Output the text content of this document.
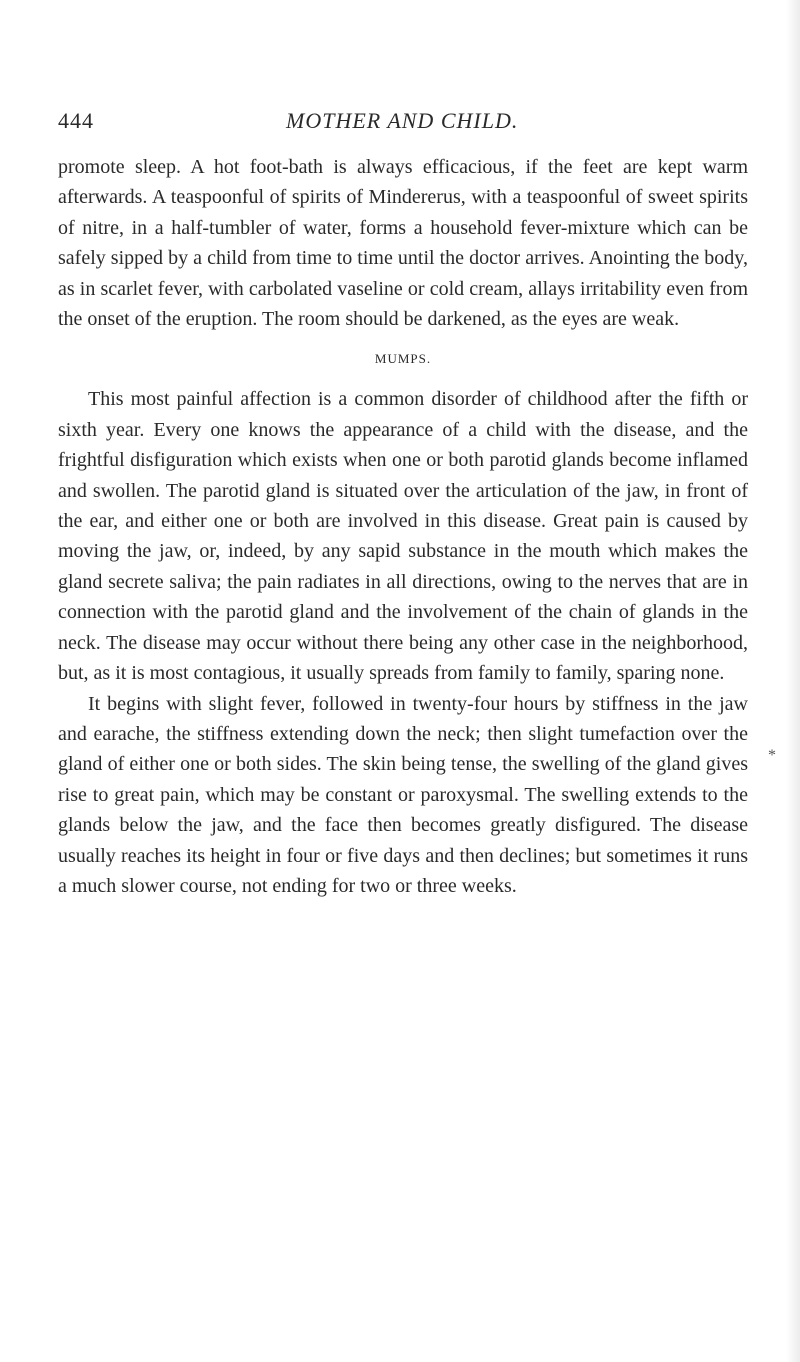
444	MOTHER AND CHILD.

promote sleep. A hot foot-bath is always efficacious, if the feet are kept warm afterwards. A teaspoonful of spirits of Mindererus, with a teaspoonful of sweet spirits of nitre, in a half-tumbler of water, forms a household fever-mixture which can be safely sipped by a child from time to time until the doctor arrives. Anointing the body, as in scarlet fever, with carbolated vaseline or cold cream, allays irritability even from the onset of the eruption. The room should be darkened, as the eyes are weak.

MUMPS.

This most painful affection is a common disorder of childhood after the fifth or sixth year. Every one knows the appearance of a child with the disease, and the frightful disfiguration which exists when one or both parotid glands become inflamed and swollen. The parotid gland is situated over the articulation of the jaw, in front of the ear, and either one or both are involved in this disease. Great pain is caused by moving the jaw, or, indeed, by any sapid substance in the mouth which makes the gland secrete saliva; the pain radiates in all directions, owing to the nerves that are in connection with the parotid gland and the involvement of the chain of glands in the neck. The disease may occur without there being any other case in the neighborhood, but, as it is most contagious, it usually spreads from family to family, sparing none.

It begins with slight fever, followed in twenty-four hours by stiffness in the jaw and earache, the stiffness extending down the neck; then slight tumefaction over the gland of either one or both sides. The skin being tense, the swelling of the gland gives rise to great pain, which may be constant or paroxysmal. The swelling extends to the glands below the jaw, and the face then becomes greatly disfigured. The disease usually reaches its height in four or five days and then declines; but sometimes it runs a much slower course, not ending for two or three weeks.

*
